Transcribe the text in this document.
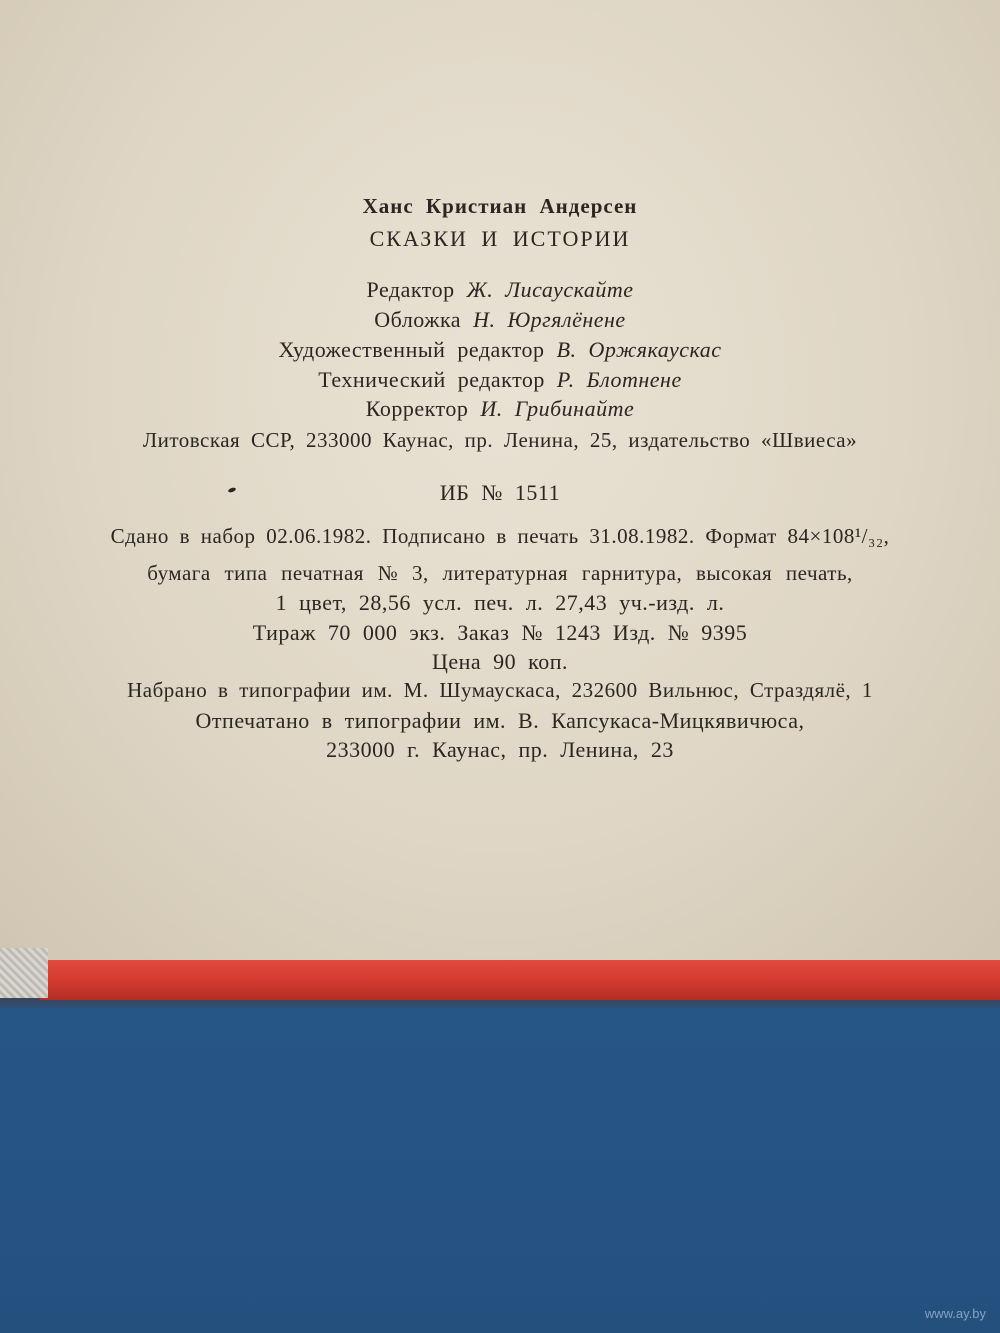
Ханс Кристиан Андерсен
СКАЗКИ И ИСТОРИИ
Редактор Ж. Лисаускайте
Обложка Н. Юргялёнене
Художественный редактор В. Оржякаускас
Технический редактор Р. Блотнене
Корректор И. Грибинайте
Литовская ССР, 233000 Каунас, пр. Ленина, 25, издательство «Швиеса»
ИБ № 1511
Сдано в набор 02.06.1982. Подписано в печать 31.08.1982. Формат 84×108¹/₃₂,
бумага типа печатная № 3, литературная гарнитура, высокая печать,
1 цвет, 28,56 усл. печ. л. 27,43 уч.-изд. л.
Тираж 70 000 экз. Заказ № 1243 Изд. № 9395
Цена 90 коп.
Набрано в типографии им. М. Шумаускаса, 232600 Вильнюс, Страздялё, 1
Отпечатано в типографии им. В. Капсукаса-Мицкявичюса,
233000 г. Каунас, пр. Ленина, 23
www.ay.by
